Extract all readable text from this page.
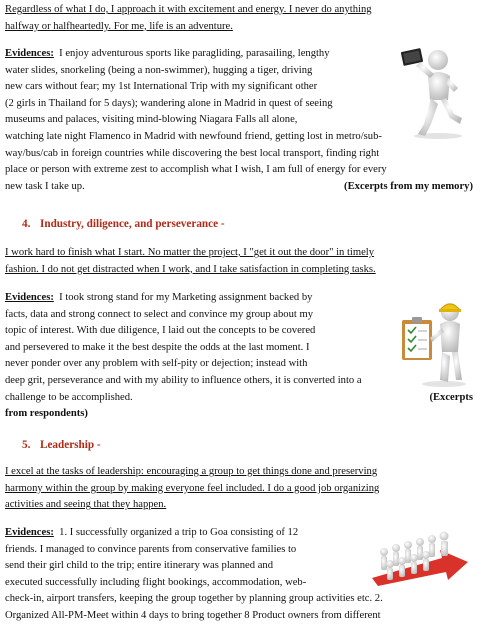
Regardless of what I do, I approach it with excitement and energy. I never do anything
halfway or halfheartedly. For me, life is an adventure.
Evidences: I enjoy adventurous sports like paragliding, parasailing, lengthy
water slides, snorkeling (being a non-swimmer), hugging a tiger, driving
new cars without fear; my 1st International Trip with my significant other
(2 girls in Thailand for 5 days); wandering alone in Madrid in quest of seeing
museums and palaces, visiting mind-blowing Niagara Falls all alone,
watching late night Flamenco in Madrid with newfound friend, getting lost in metro/sub-
way/bus/cab in foreign countries while discovering the best local transport, finding right
place or person with extreme zest to accomplish what I wish, I am full of energy for every
new task I take up.	(Excerpts from my memory)
4. Industry, diligence, and perseverance -
I work hard to finish what I start. No matter the project, I "get it out the door" in timely
fashion. I do not get distracted when I work, and I take satisfaction in completing tasks.
Evidences: I took strong stand for my Marketing assignment backed by
facts, data and strong connect to select and convince my group about my
topic of interest. With due diligence, I laid out the concepts to be covered
and persevered to make it the best despite the odds at the last moment. I
never ponder over any problem with self-pity or dejection; instead with
deep grit, perseverance and with my ability to influence others, it is converted into a
challenge to be accomplished.	(Excerpts
from respondents)
5. Leadership -
I excel at the tasks of leadership: encouraging a group to get things done and preserving
harmony within the group by making everyone feel included. I do a good job organizing
activities and seeing that they happen.
Evidences: 1. I successfully organized a trip to Goa consisting of 12
friends. I managed to convince parents from conservative families to
send their girl child to the trip; entire itinerary was planned and
executed successfully including flight bookings, accommodation, web-
check-in, airport transfers, keeping the group together by planning group activities etc. 2.
Organized All-PM-Meet within 4 days to bring together 8 Product owners from different
